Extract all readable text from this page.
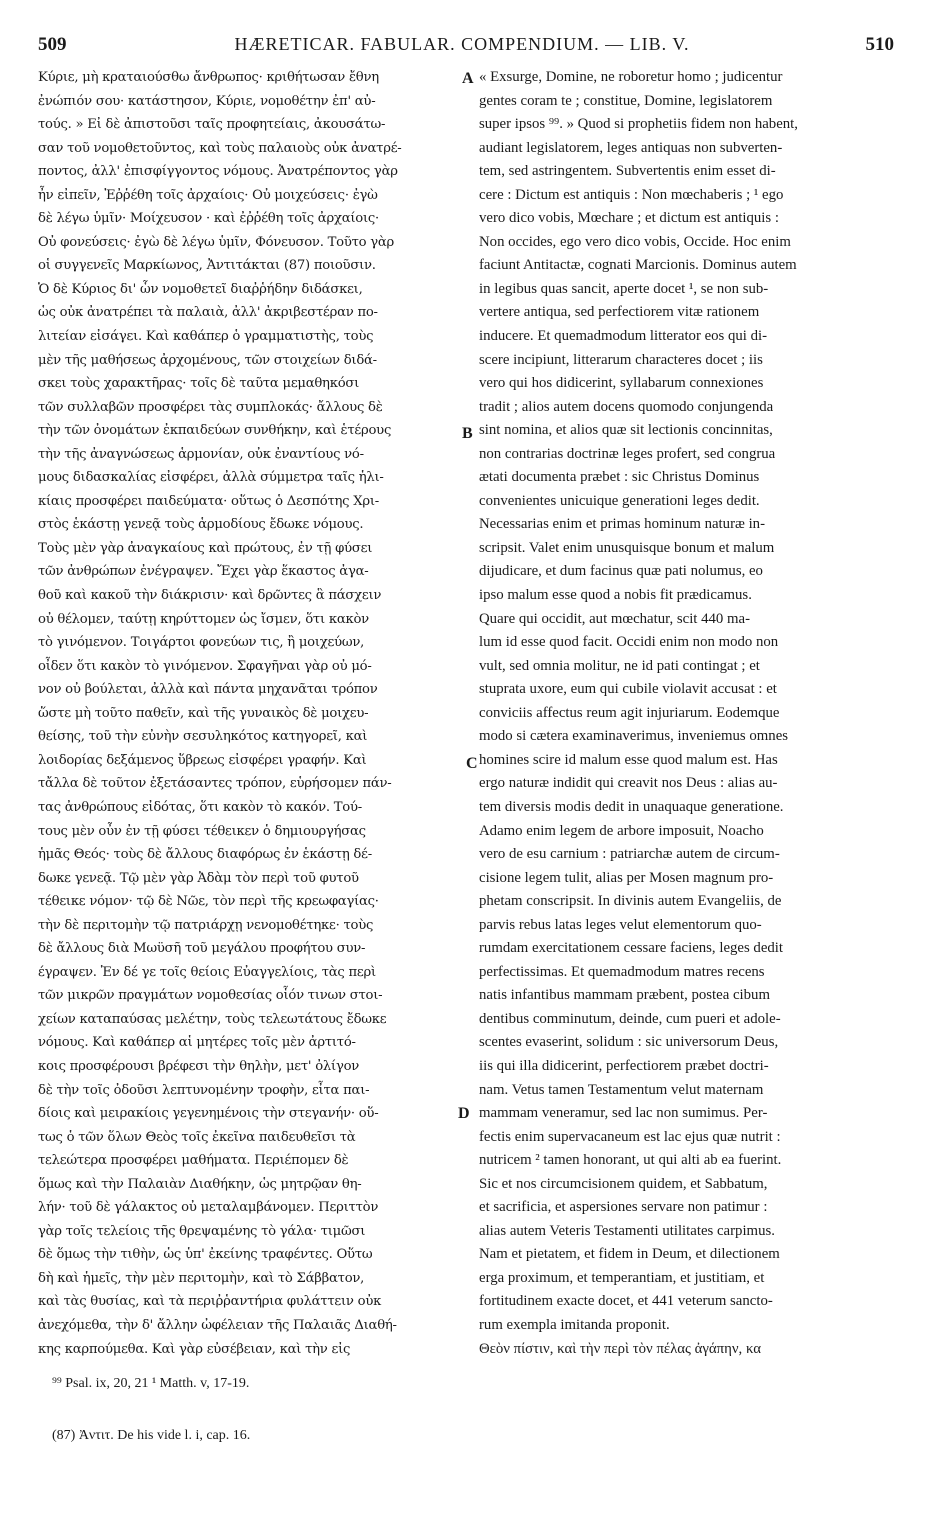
509	HÆRETICAR. FABULAR. COMPENDIUM. — LIB. V.	510
Κύριε, μὴ κραταιούσθω ἄνθρωπος· κριθήτωσαν ἔθνη
ἐνώπιόν σου· κατάστησον, Κύριε, νομοθέτην ἐπ' αὐ-
τούς. » Εἰ δὲ ἀπιστοῦσι ταῖς προφητείαις, ἀκουσάτω-
σαν τοῦ νομοθετοῦντος, καὶ τοὺς παλαιοὺς οὐκ ἀνατρέ-
ποντος, ἀλλ' ἐπισφίγγοντος νόμους. Ἀνατρέποντος γὰρ
ἦν εἰπεῖν, Ἐῤῥέθη τοῖς ἀρχαίοις· Οὐ μοιχεύσεις· ἐγὼ
δὲ λέγω ὑμῖν· Μοίχευσον · καὶ ἐῤῥέθη τοῖς ἀρχαίοις·
Οὐ φονεύσεις· ἐγὼ δὲ λέγω ὑμῖν, Φόνευσον. Τοῦτο γὰρ
οἱ συγγενεῖς Μαρκίωνος, Ἀντιτάκται (87) ποιοῦσιν.
Ὁ δὲ Κύριος δι' ὧν νομοθετεῖ διαῤῥήδην διδάσκει,
ὡς οὐκ ἀνατρέπει τὰ παλαιὰ, ἀλλ' ἀκριβεστέραν πο-
λιτείαν εἰσάγει. Καὶ καθάπερ ὁ γραμματιστὴς, τοὺς
μὲν τῆς μαθήσεως ἀρχομένους, τῶν στοιχείων διδά-
σκει τοὺς χαρακτῆρας· τοῖς δὲ ταῦτα μεμαθηκόσι
τῶν συλλαβῶν προσφέρει τὰς συμπλοκάς· ἄλλους δὲ
τὴν τῶν ὀνομάτων ἐκπαιδεύων συνθήκην, καὶ ἑτέρους
τὴν τῆς ἀναγνώσεως ἁρμονίαν, οὐκ ἐναντίους νό-
μους διδασκαλίας εἰσφέρει, ἀλλὰ σύμμετρα ταῖς ἡλι-
κίαις προσφέρει παιδεύματα· οὕτως ὁ Δεσπότης Χρι-
στὸς ἑκάστῃ γενεᾷ τοὺς ἁρμοδίους ἔδωκε νόμους.
Τοὺς μὲν γὰρ ἀναγκαίους καὶ πρώτους, ἐν τῇ φύσει
τῶν ἀνθρώπων ἐνέγραψεν. Ἔχει γὰρ ἕκαστος ἀγα-
θοῦ καὶ κακοῦ τὴν διάκρισιν· καὶ δρῶντες ἃ πάσχειν
οὐ θέλομεν, ταύτῃ κηρύττομεν ὡς ἴσμεν, ὅτι κακὸν
τὸ γινόμενον. Τοιγάρτοι φονεύων τις, ἢ μοιχεύων,
οἶδεν ὅτι κακὸν τὸ γινόμενον. Σφαγῆναι γὰρ οὐ μό-
νον οὐ βούλεται, ἀλλὰ καὶ πάντα μηχανᾶται τρόπον
ὥστε μὴ τοῦτο παθεῖν, καὶ τῆς γυναικὸς δὲ μοιχευ-
θείσης, τοῦ τὴν εὐνὴν σεσυληκότος κατηγορεῖ, καὶ
λοιδορίας δεξάμενος ὕβρεως εἰσφέρει γραφήν. Καὶ
τἄλλα δὲ τοῦτον ἐξετάσαντες τρόπον, εὑρήσομεν πάν-
τας ἀνθρώπους εἰδότας, ὅτι κακὸν τὸ κακόν. Τού-
τους μὲν οὖν ἐν τῇ φύσει τέθεικεν ὁ δημιουργήσας
ἡμᾶς Θεός· τοὺς δὲ ἄλλους διαφόρως ἐν ἑκάστῃ δέ-
δωκε γενεᾷ. Τῷ μὲν γὰρ Ἀδὰμ τὸν περὶ τοῦ φυτοῦ
τέθεικε νόμον· τῷ δὲ Νῶε, τὸν περὶ τῆς κρεωφαγίας·
τὴν δὲ περιτομὴν τῷ πατριάρχῃ νενομοθέτηκε· τοὺς
δὲ ἄλλους διὰ Μωϋσῆ τοῦ μεγάλου προφήτου συν-
έγραψεν. Ἐν δέ γε τοῖς θείοις Εὐαγγελίοις, τὰς περὶ
τῶν μικρῶν πραγμάτων νομοθεσίας οἷόν τινων στοι-
χείων καταπαύσας μελέτην, τοὺς τελεωτάτους ἔδωκε
νόμους. Καὶ καθάπερ αἱ μητέρες τοῖς μὲν ἀρτιτό-
κοις προσφέρουσι βρέφεσι τὴν θηλὴν, μετ' ὀλίγον
δὲ τὴν τοῖς ὀδοῦσι λεπτυνομένην τροφὴν, εἶτα παι-
δίοις καὶ μειρακίοις γεγενημένοις τὴν στεγανήν· οὕ-
τως ὁ τῶν ὅλων Θεὸς τοῖς ἐκεῖνα παιδευθεῖσι τὰ
τελεώτερα προσφέρει μαθήματα. Περιέπομεν δὲ
ὅμως καὶ τὴν Παλαιὰν Διαθήκην, ὡς μητρῷαν θη-
λήν· τοῦ δὲ γάλακτος οὐ μεταλαμβάνομεν. Περιττὸν
γὰρ τοῖς τελείοις τῆς θρεψαμένης τὸ γάλα· τιμῶσι
δὲ ὅμως τὴν τιθὴν, ὡς ὑπ' ἐκείνης τραφέντες. Οὕτω
δὴ καὶ ἡμεῖς, τὴν μὲν περιτομὴν, καὶ τὸ Σάββατον,
καὶ τὰς θυσίας, καὶ τὰ περιῤῥαντήρια φυλάττειν οὐκ
ἀνεχόμεθα, τὴν δ' ἄλλην ὠφέλειαν τῆς Παλαιᾶς Διαθή-
κης καρπούμεθα. Καὶ γὰρ εὐσέβειαν, καὶ τὴν εἰς
« Exsurge, Domine, ne roboretur homo ; judicentur
gentes coram te ; constitue, Domine, legislatorem
super ipsos ⁹⁹. » Quod si prophetiis fidem non habent,
audiant legislatorem, leges antiquas non subverten-
tem, sed astringentem. Subvertentis enim esset di-
cere : Dictum est antiquis : Non mœchaberis ; ¹ ego
vero dico vobis, Mœchare ; et dictum est antiquis :
Non occides, ego vero dico vobis, Occide. Hoc enim
faciunt Antitactæ, cognati Marcionis. Dominus autem
in legibus quas sancit, aperte docet ¹, se non sub-
vertere antiqua, sed perfectiorem vitæ rationem
inducere. Et quemadmodum litterator eos qui di-
scere incipiunt, litterarum characteres docet ; iis
vero qui hos didicerint, syllabarum connexiones
tradit ; alios autem docens quomodo conjungenda
sint nomina, et alios quæ sit lectionis concinnitas,
non contrarias doctrinæ leges profert, sed congrua
ætati documenta præbet : sic Christus Dominus
convenientes unicuique generationi leges dedit.
Necessarias enim et primas hominum naturæ in-
scripsit. Valet enim unusquisque bonum et malum
dijudicare, et dum facinus quæ pati nolumus, eo
ipso malum esse quod a nobis fit prædicamus.
Quare qui occidit, aut mœchatur, scit 440 ma-
lum id esse quod facit. Occidi enim non modo non
vult, sed omnia molitur, ne id pati contingat ; et
stuprata uxore, eum qui cubile violavit accusat : et
conviciis affectus reum agit injuriarum. Eodemque
modo si cætera examinaverimus, inveniemus omnes
homines scire id malum esse quod malum est. Has
ergo naturæ indidit qui creavit nos Deus : alias au-
tem diversis modis dedit in unaquaque generatione.
Adamo enim legem de arbore imposuit, Noacho
vero de esu carnium : patriarchæ autem de circum-
cisione legem tulit, alias per Mosen magnum pro-
phetam conscripsit. In divinis autem Evangeliis, de
parvis rebus latas leges velut elementorum quo-
rumdam exercitationem cessare faciens, leges dedit
perfectissimas. Et quemadmodum matres recens
natis infantibus mammam præbent, postea cibum
dentibus comminutum, deinde, cum pueri et adole-
scentes evaserint, solidum : sic universorum Deus,
iis qui illa didicerint, perfectiorem præbet doctri-
nam. Vetus tamen Testamentum velut maternam
mammam veneramur, sed lac non sumimus. Per-
fectis enim supervacaneum est lac ejus quæ nutrit :
nutricem ² tamen honorant, ut qui alti ab ea fuerint.
Sic et nos circumcisionem quidem, et Sabbatum,
et sacrificia, et aspersiones servare non patimur :
alias autem Veteris Testamenti utilitates carpimus.
Nam et pietatem, et fidem in Deum, et dilectionem
erga proximum, et temperantiam, et justitiam, et
fortitudinem exacte docet, et 441 veterum sancto-
rum exempla imitanda proponit.
Θεὸν πίστιν, καὶ τὴν περὶ τὸν πέλας ἀγάπην, κα
A
B
C
D
⁹⁹ Psal. ix, 20, 21 ¹ Matth. v, 17-19.
(87) Ἀντιτ. De his vide l. i, cap. 16.
